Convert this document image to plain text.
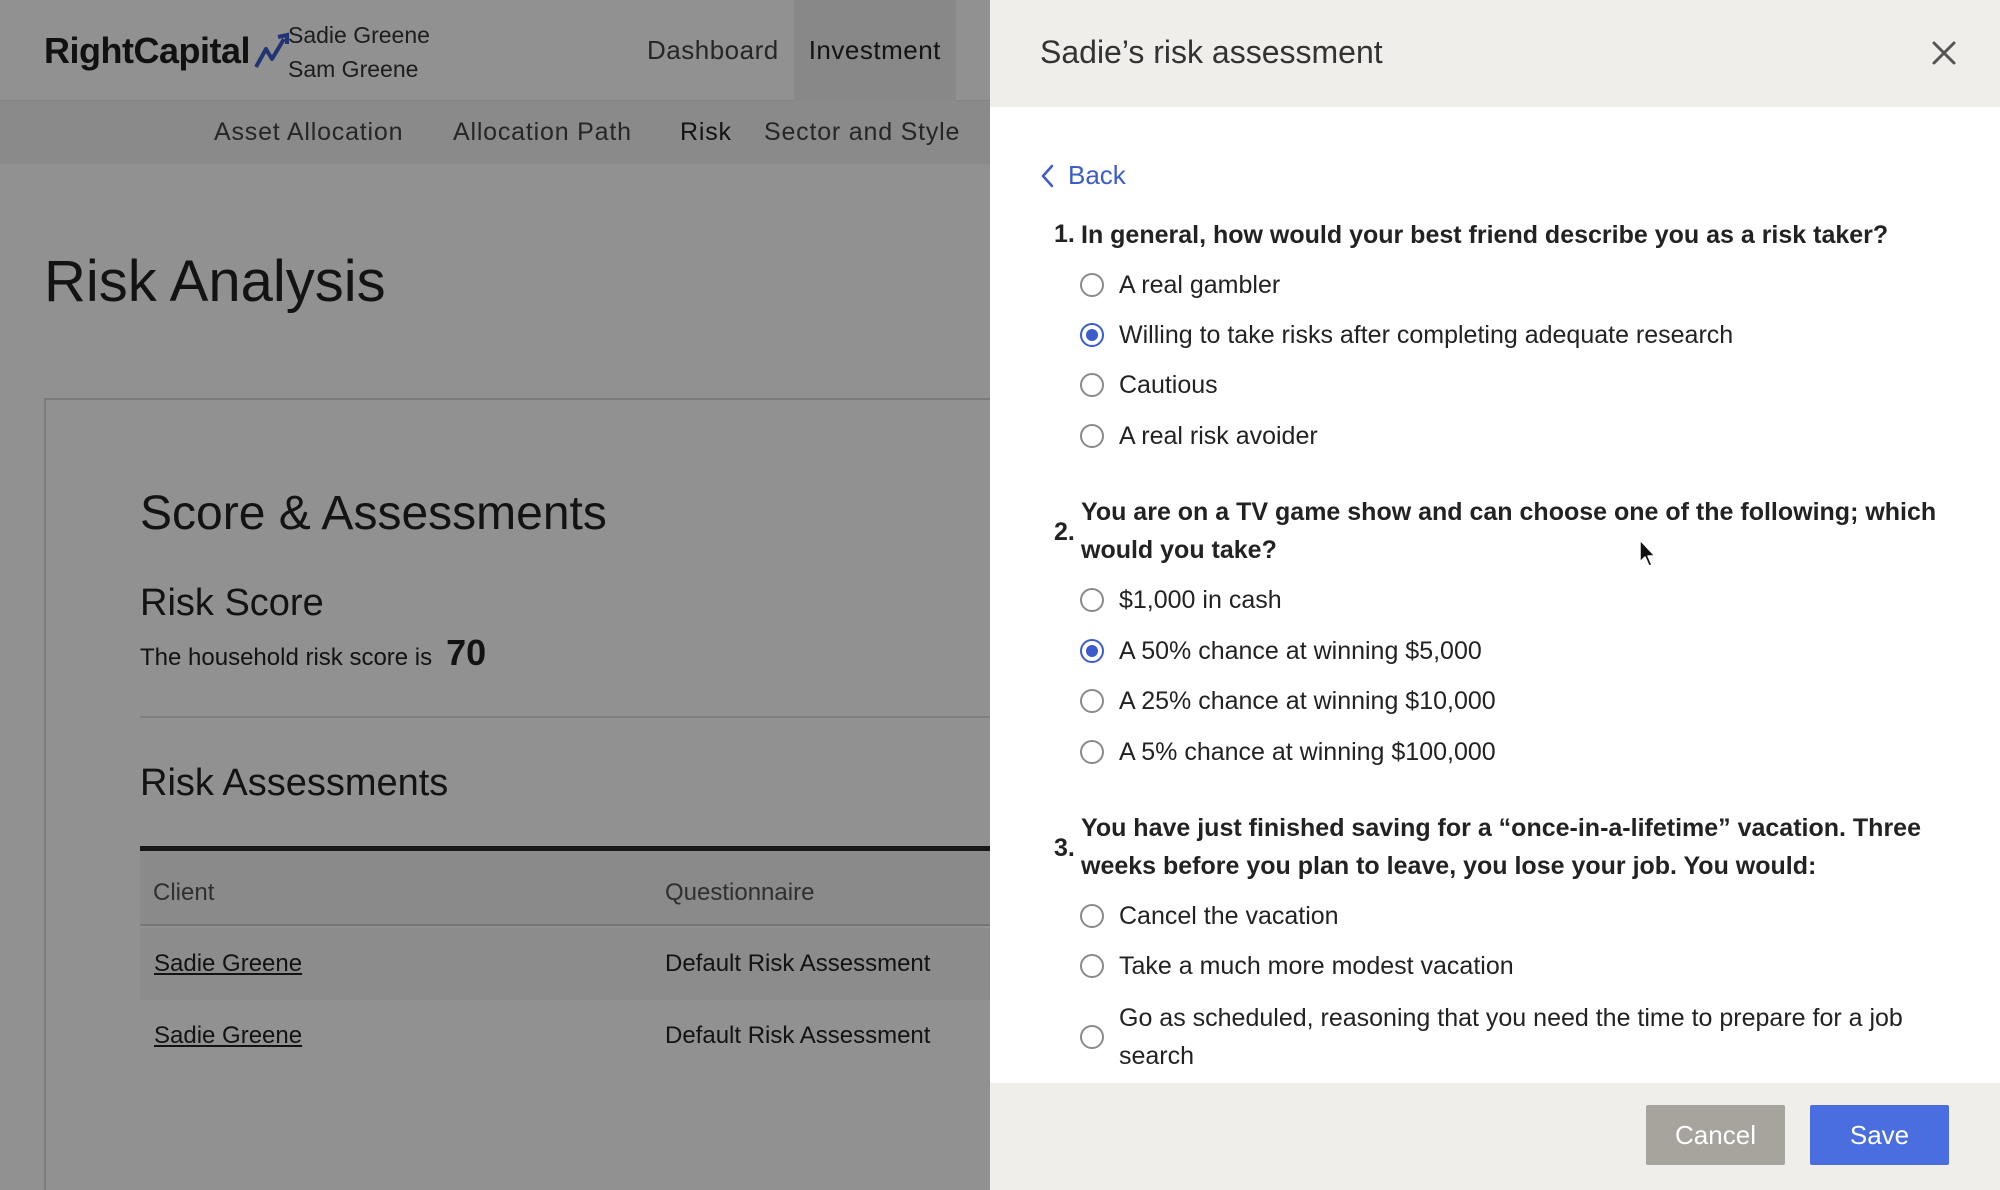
RightCapital Sadie Greene
Sam Greene
Dashboard	Investment
Asset Allocation Allocation Path Risk Sector and Style
Risk Analysis
Score & Assessments
Risk Score
The household risk score is 70
Risk Assessments
Client	Questionnaire
Sadie Greene	Default Risk Assessment
Sadie Greene	Default Risk Assessment
Sadie’s risk assessment
Back
1. In general, how would your best friend describe you as a risk taker?
A real gambler
Willing to take risks after completing adequate research
Cautious
A real risk avoider
2.
You are on a TV game show and can choose one of the following; which would you take?
$1,000 in cash
A 50% chance at winning $5,000
A 25% chance at winning $10,000
A 5% chance at winning $100,000
3.
You have just finished saving for a “once-in-a-lifetime” vacation. Three weeks before you plan to leave, you lose your job. You would:
Cancel the vacation
Take a much more modest vacation
Go as scheduled, reasoning that you need the time to prepare for a job search
Cancel	Save
